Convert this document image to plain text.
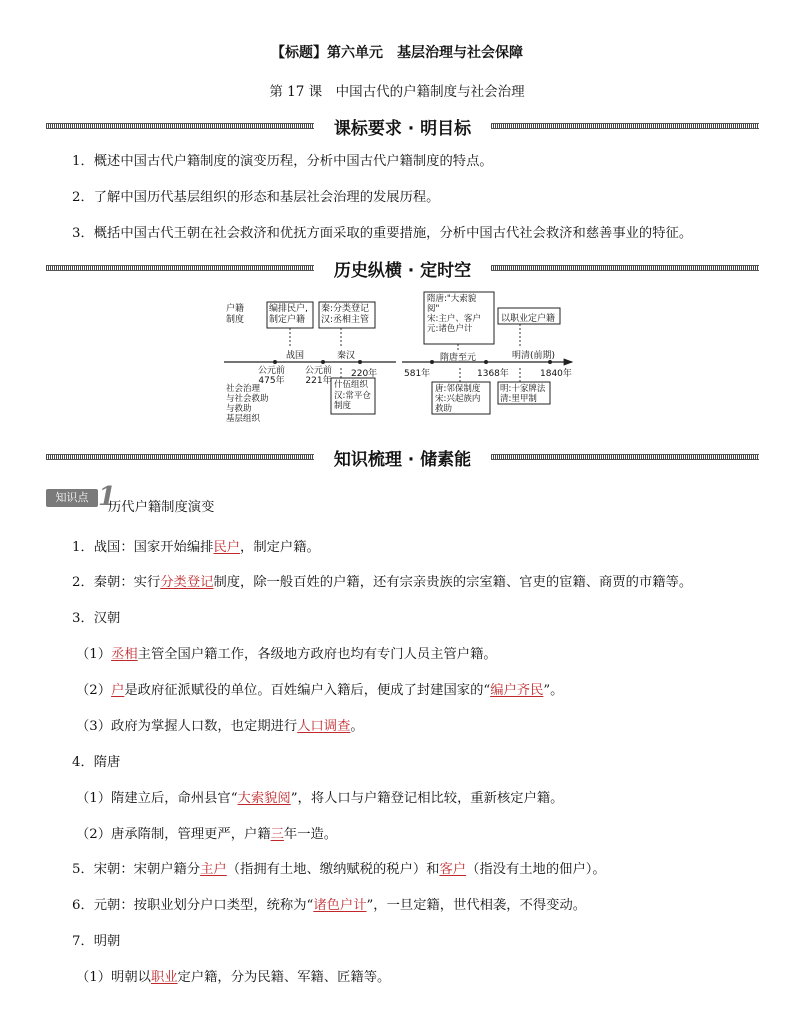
【标题】第六单元　基层治理与社会保障
第 17 课　中国古代的户籍制度与社会治理
课标要求 · 明目标
1．概述中国古代户籍制度的演变历程，分析中国古代户籍制度的特点。
2．了解中国历代基层组织的形态和基层社会治理的发展历程。
3．概括中国古代王朝在社会救济和优抚方面采取的重要措施，分析中国古代社会救济和慈善事业的特征。
历史纵横 · 定时空
户籍
制度
社会治理
与社会救助
与救助
基层组织
编排民户,
制定户籍
秦:分类登记
汉:丞相主管
隋唐:"大索貌
阅"
宋:主户、客户
元:诸色户计
以职业定户籍
什伍组织
汉:常平仓
制度
唐:邻保制度
宋:兴起族内
救助
明:十家牌法
清:里甲制
战国	秦汉	隋唐至元	明清(前期)
公元前
475年
公元前
221年
220年	581年	1368年	1840年
知识梳理 · 储素能
知识点 1
历代户籍制度演变
1．战国：国家开始编排民户，制定户籍。
2．秦朝：实行分类登记制度，除一般百姓的户籍，还有宗亲贵族的宗室籍、官吏的宦籍、商贾的市籍等。
3．汉朝
（1）丞相主管全国户籍工作，各级地方政府也均有专门人员主管户籍。
（2）户是政府征派赋役的单位。百姓编户入籍后，便成了封建国家的“编户齐民”。
（3）政府为掌握人口数，也定期进行人口调查。
4．隋唐
（1）隋建立后，命州县官“大索貌阅”，将人口与户籍登记相比较，重新核定户籍。
（2）唐承隋制，管理更严，户籍三年一造。
5．宋朝：宋朝户籍分主户（指拥有土地、缴纳赋税的税户）和客户（指没有土地的佃户）。
6．元朝：按职业划分户口类型，统称为“诸色户计”，一旦定籍，世代相袭，不得变动。
7．明朝
（1）明朝以职业定户籍，分为民籍、军籍、匠籍等。
